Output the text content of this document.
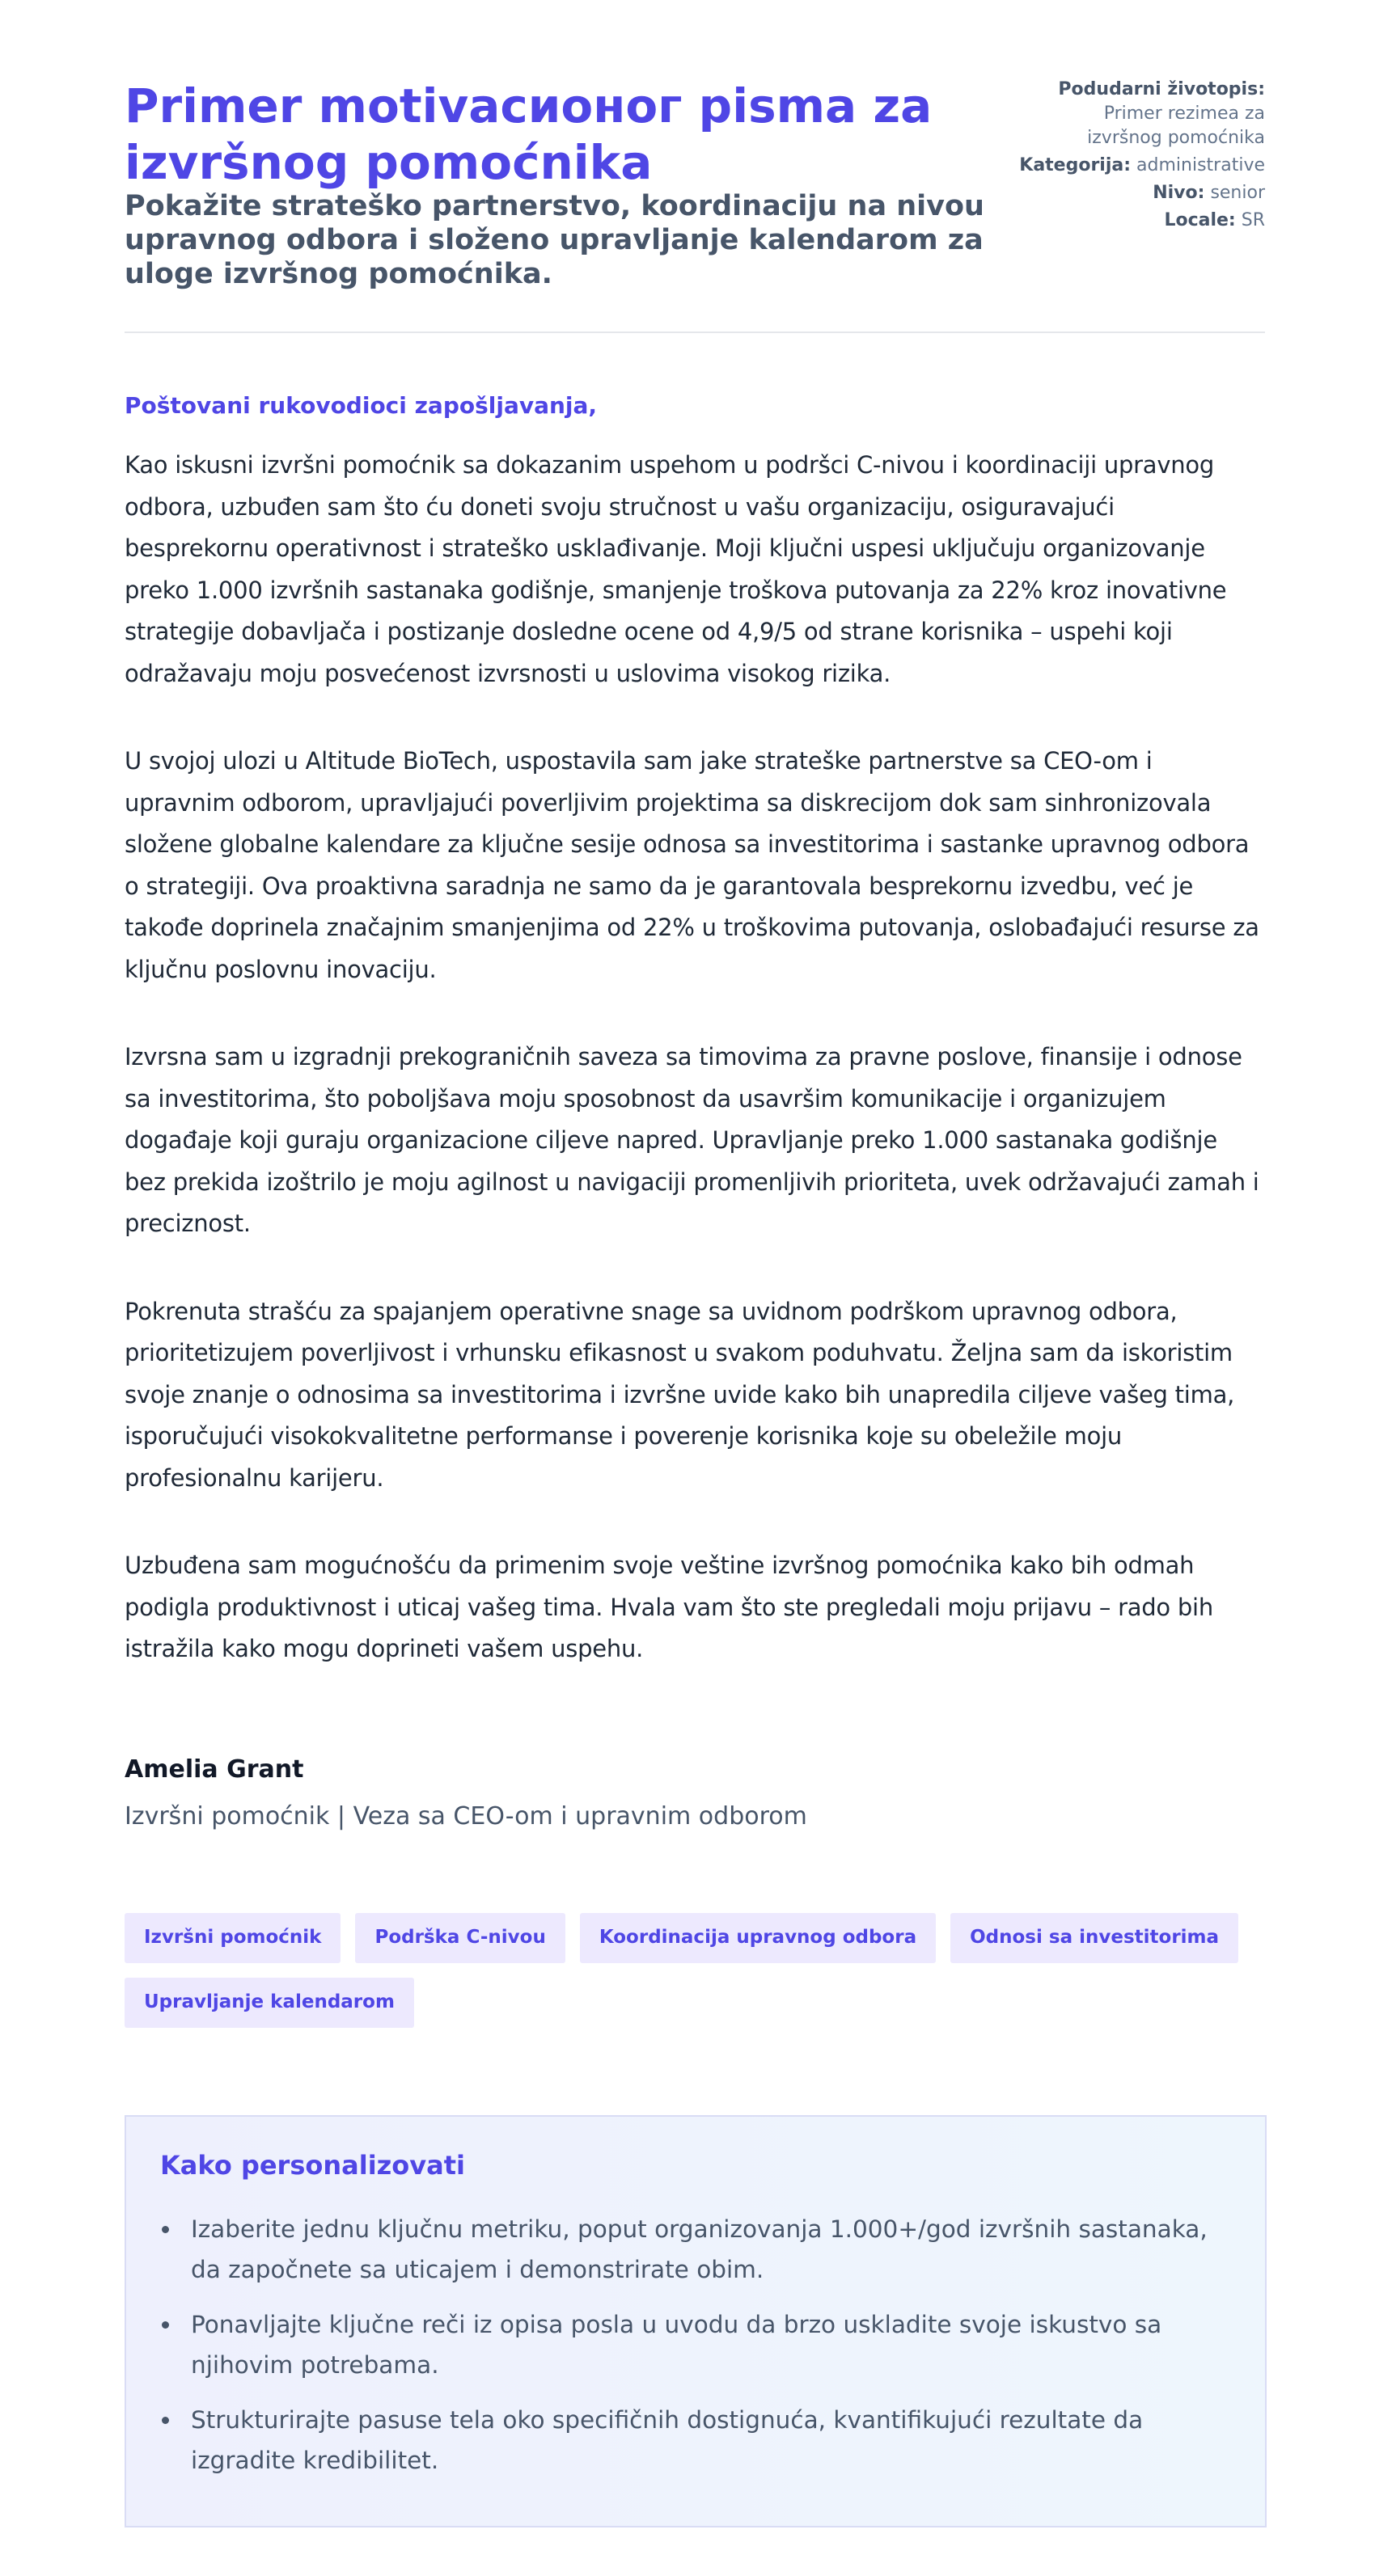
Primer motivacионог pisma za izvršnog pomoćnika
Pokažite strateško partnerstvo, koordinaciju na nivou upravnog odbora i složeno upravljanje kalendarom za uloge izvršnog pomoćnika.

Podudarni životopis:
Primer rezimea za izvršnog pomoćnika

Kategorija: administrative

Nivo: senior

Locale: SR

Poštovani rukovodioci zapošljavanja,

Kao iskusni izvršni pomoćnik sa dokazanim uspehom u podršci C-nivou i koordinaciji upravnog odbora, uzbuđen sam što ću doneti svoju stručnost u vašu organizaciju, osiguravajući besprekornu operativnost i strateško usklađivanje. Moji ključni uspesi uključuju organizovanje preko 1.000 izvršnih sastanaka godišnje, smanjenje troškova putovanja za 22% kroz inovativne strategije dobavljača i postizanje dosledne ocene od 4,9/5 od strane korisnika – uspehi koji odražavaju moju posvećenost izvrsnosti u uslovima visokog rizika.

U svojoj ulozi u Altitude BioTech, uspostavila sam jake strateške partnerstve sa CEO-om i upravnim odborom, upravljajući poverljivim projektima sa diskrecijom dok sam sinhronizovala složene globalne kalendare za ključne sesije odnosa sa investitorima i sastanke upravnog odbora o strategiji. Ova proaktivna saradnja ne samo da je garantovala besprekornu izvedbu, već je takođe doprinela značajnim smanjenjima od 22% u troškovima putovanja, oslobađajući resurse za ključnu poslovnu inovaciju.

Izvrsna sam u izgradnji prekograničnih saveza sa timovima za pravne poslove, finansije i odnose sa investitorima, što poboljšava moju sposobnost da usavršim komunikacije i organizujem događaje koji guraju organizacione ciljeve napred. Upravljanje preko 1.000 sastanaka godišnje bez prekida izoštrilo je moju agilnost u navigaciji promenljivih prioriteta, uvek održavajući zamah i preciznost.

Pokrenuta strašću za spajanjem operativne snage sa uvidnom podrškom upravnog odbora, prioritetizujem poverljivost i vrhunsku efikasnost u svakom poduhvatu. Željna sam da iskoristim svoje znanje o odnosima sa investitorima i izvršne uvide kako bih unapredila ciljeve vašeg tima, isporučujući visokokvalitetne performanse i poverenje korisnika koje su obeležile moju profesionalnu karijeru.

Uzbuđena sam mogućnošću da primenim svoje veštine izvršnog pomoćnika kako bih odmah podigla produktivnost i uticaj vašeg tima. Hvala vam što ste pregledali moju prijavu – rado bih istražila kako mogu doprineti vašem uspehu.

Amelia Grant
Izvršni pomoćnik | Veza sa CEO-om i upravnim odborom
Izvršni pomoćnik	Podrška C-nivou	Koordinacija upravnog odbora	Odnosi sa investitorima
Upravljanje kalendarom
Kako personalizovati
Izaberite jednu ključnu metriku, poput organizovanja 1.000+/god izvršnih sastanaka, da započnete sa uticajem i demonstrirate obim.
Ponavljajte ključne reči iz opisa posla u uvodu da brzo uskladite svoje iskustvo sa njihovim potrebama.
Strukturirajte pasuse tela oko specifičnih dostignuća, kvantifikujući rezultate da izgradite kredibilitet.
